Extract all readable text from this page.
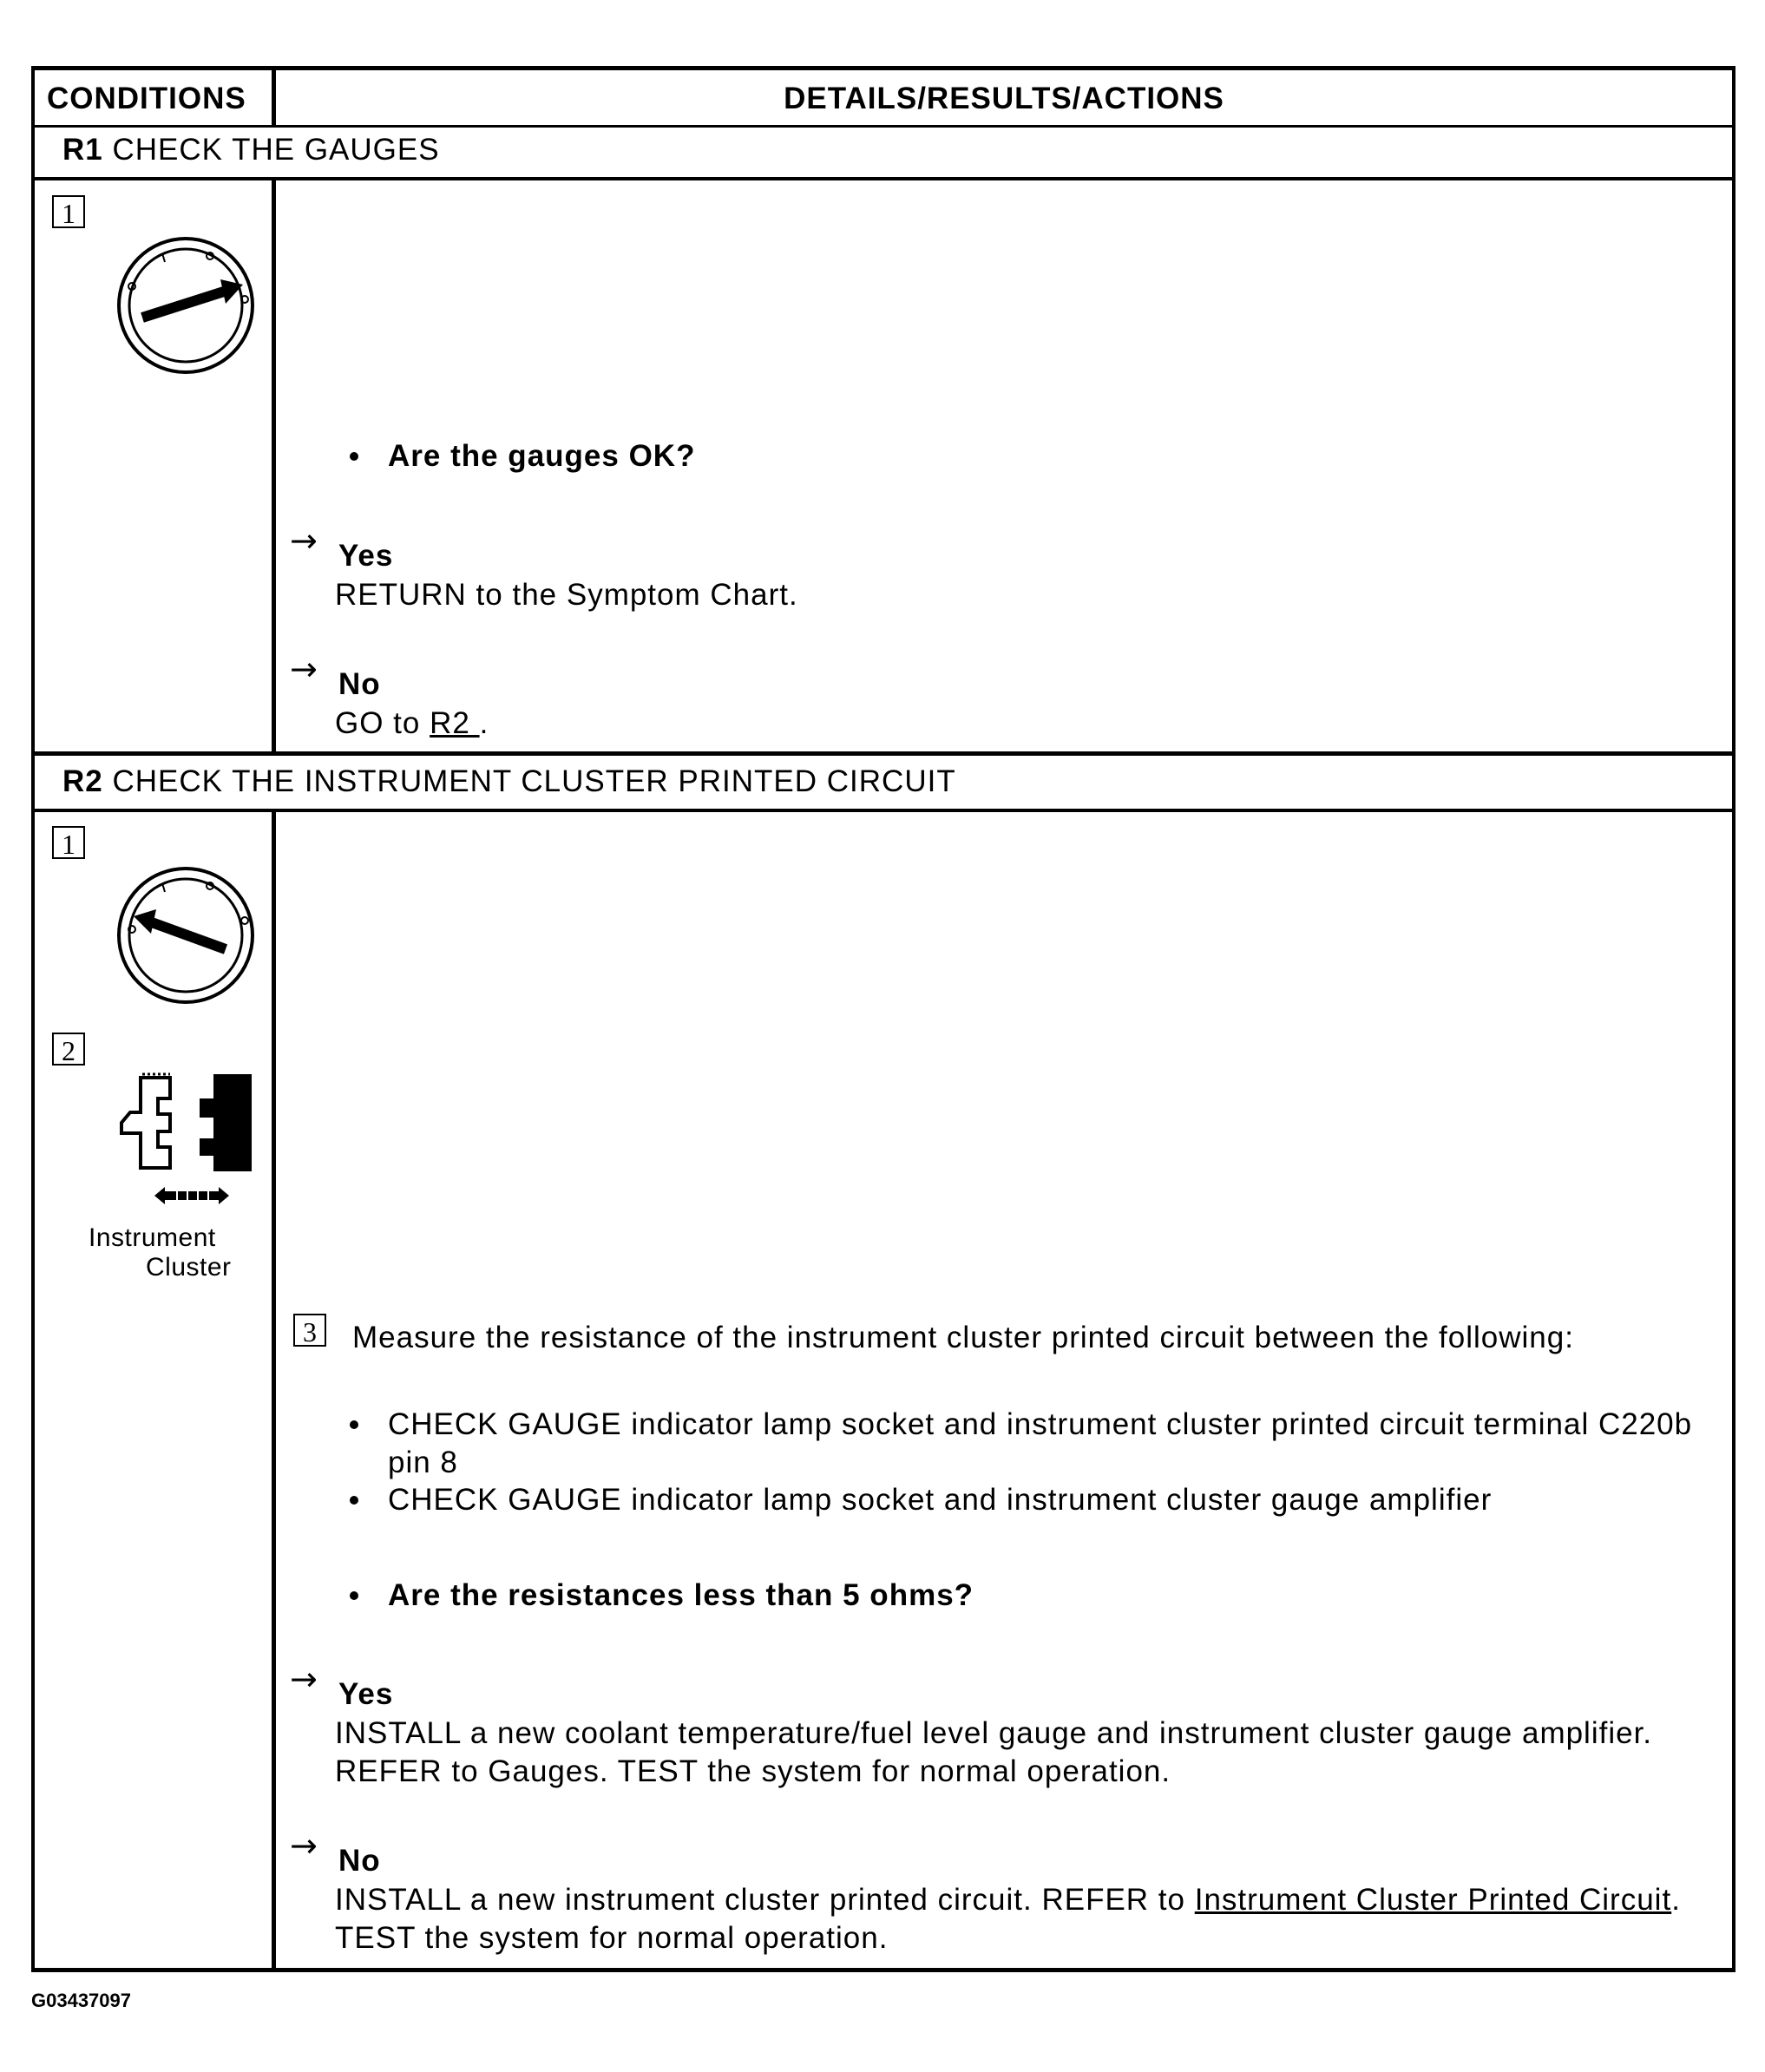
CONDITIONS	DETAILS/RESULTS/ACTIONS
R1 CHECK THE GAUGES
1
Are the gauges OK?
→ Yes
RETURN to the Symptom Chart.
→ No
GO to R2 .
R2 CHECK THE INSTRUMENT CLUSTER PRINTED CIRCUIT
1
2
Instrument
Cluster
3	Measure the resistance of the instrument cluster printed circuit between the following:
CHECK GAUGE indicator lamp socket and instrument cluster printed circuit terminal C220b pin 8
CHECK GAUGE indicator lamp socket and instrument cluster gauge amplifier
Are the resistances less than 5 ohms?
→ Yes
INSTALL a new coolant temperature/fuel level gauge and instrument cluster gauge amplifier. REFER to Gauges. TEST the system for normal operation.
→ No
INSTALL a new instrument cluster printed circuit. REFER to Instrument Cluster Printed Circuit. TEST the system for normal operation.
G03437097
